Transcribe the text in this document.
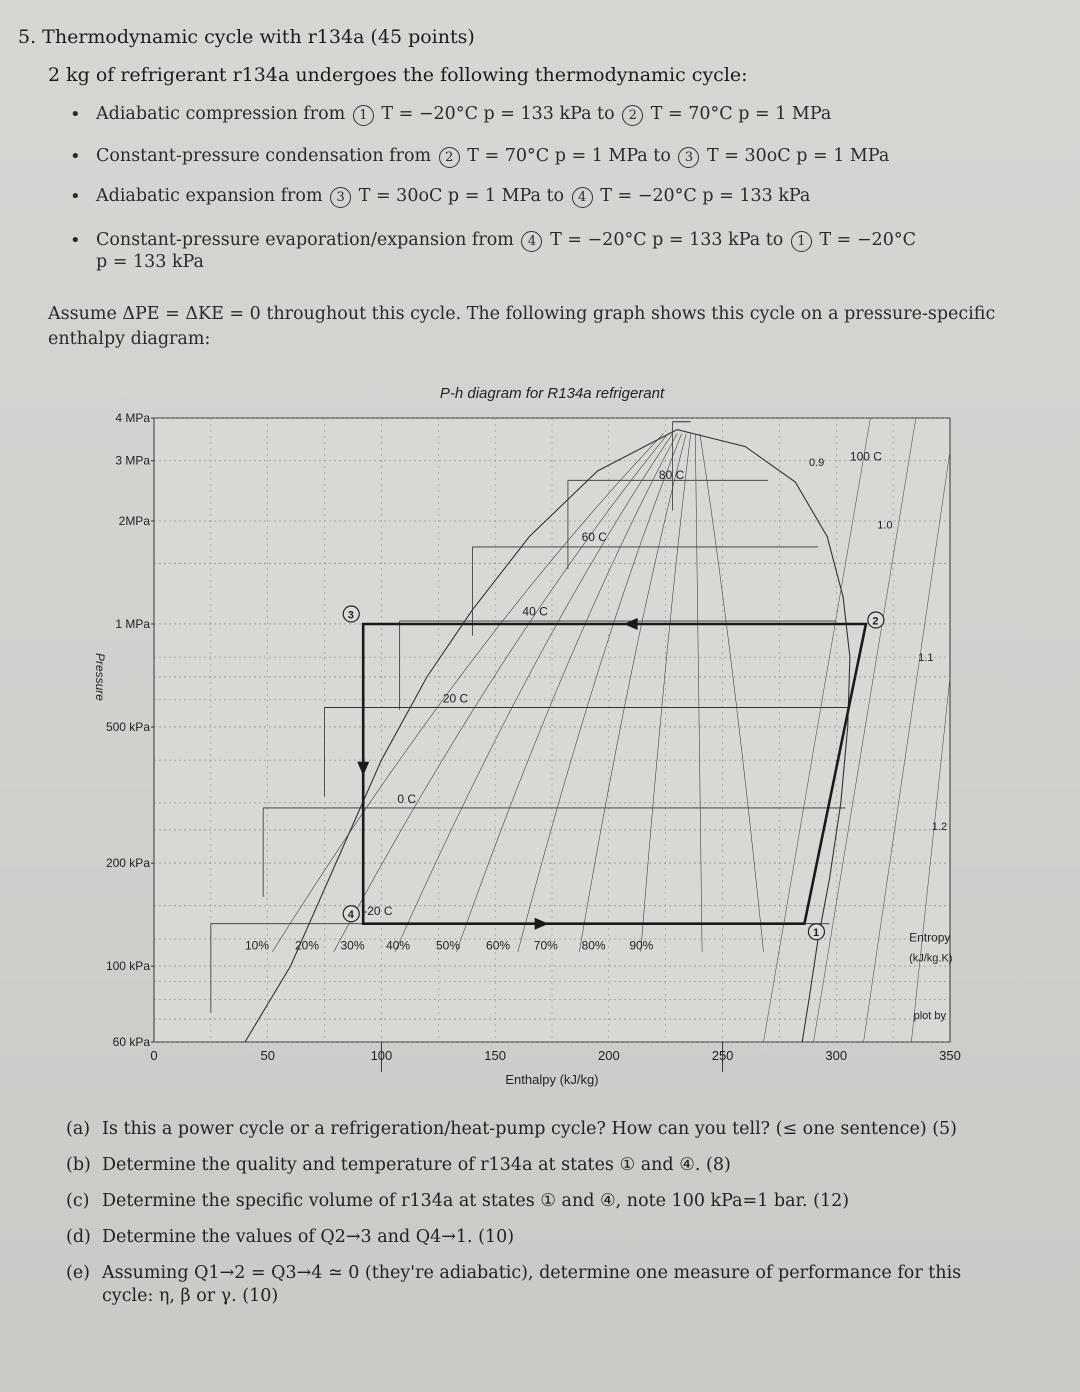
5. Thermodynamic cycle with r134a (45 points)
2 kg of refrigerant r134a undergoes the following thermodynamic cycle:
• Adiabatic compression from 1 T = −20°C p = 133 kPa to 2 T = 70°C p = 1 MPa
• Constant-pressure condensation from 2 T = 70°C p = 1 MPa to 3 T = 30oC p = 1 MPa
• Adiabatic expansion from 3 T = 30oC p = 1 MPa to 4 T = −20°C p = 133 kPa
• Constant-pressure evaporation/expansion from 4 T = −20°C p = 133 kPa to 1 T = −20°C
p = 133 kPa
Assume ΔPE = ΔKE = 0 throughout this cycle. The following graph shows this cycle on a pressure-specific enthalpy diagram:
100 C
80 C
60 C
40 C
20 C
0 C
-20 C
10% 20% 30% 40% 50% 60% 70% 80% 90%
0.9
1.0
1.1
1.2
1
2
3
4
4 MPa
3 MPa
2MPa
1 MPa
500 kPa
200 kPa
100 kPa
60 kPa
0	50	100	150	200	250	300	350
P-h diagram for R134a refrigerant
Enthalpy (kJ/kg)
Pressure
Entropy
(kJ/kg.K)
plot by
(a) Is this a power cycle or a refrigeration/heat-pump cycle? How can you tell? (≤ one sentence) (5)
(b) Determine the quality and temperature of r134a at states ① and ④. (8)
(c) Determine the specific volume of r134a at states ① and ④, note 100 kPa=1 bar. (12)
(d) Determine the values of Q2→3 and Q4→1. (10)
(e) Assuming Q1→2 = Q3→4 ≃ 0 (they're adiabatic), determine one measure of performance for this
cycle: η, β or γ. (10)
